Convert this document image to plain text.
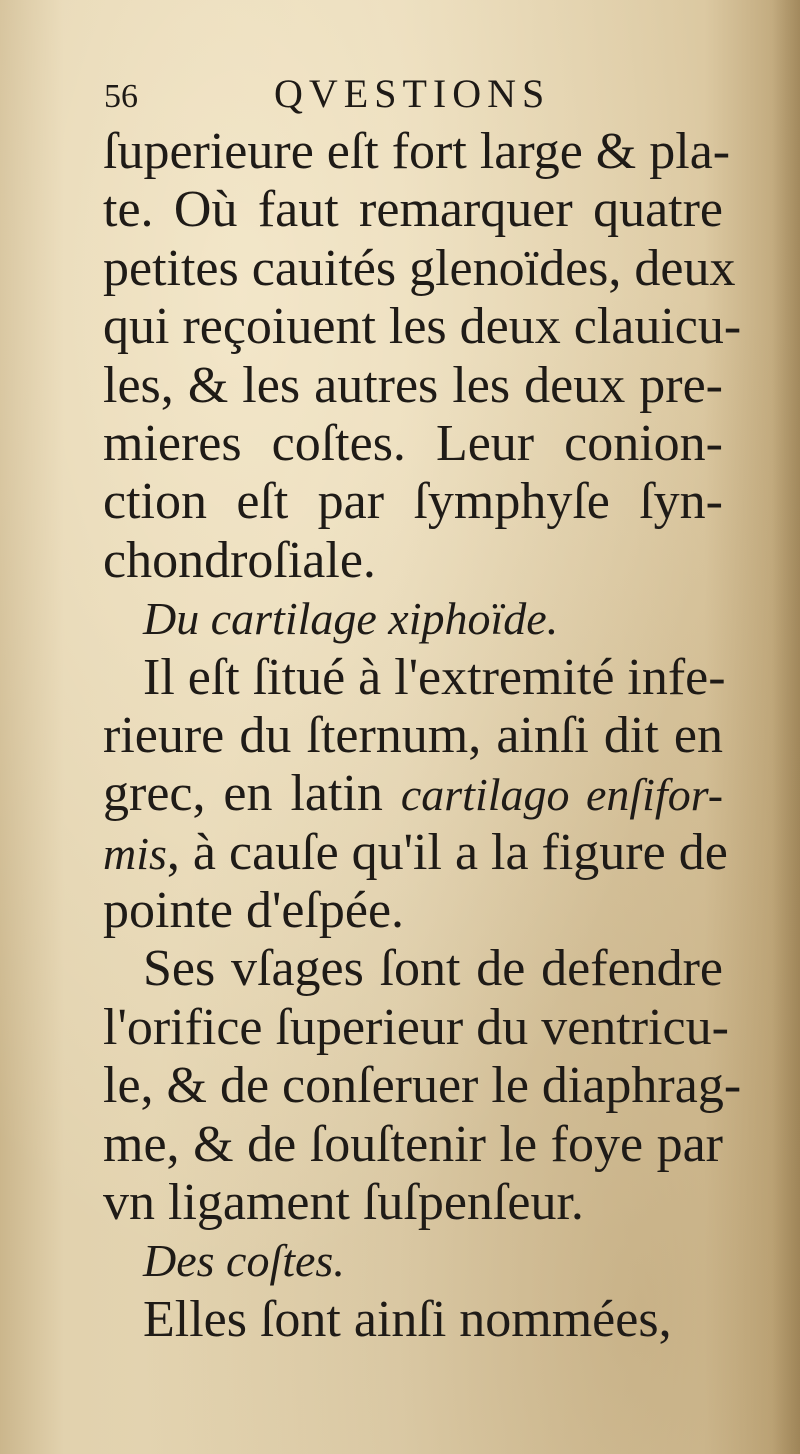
56	QVESTIONS
ſuperieure eſt fort large & pla-
te. Où faut remarquer quatre
petites cauités glenoïdes, deux
qui reçoiuent les deux clauicu-
les, & les autres les deux pre-
mieres coſtes. Leur conion-
ction eſt par ſymphyſe ſyn-
chondroſiale.
Du cartilage xiphoïde.
Il eſt ſitué à l'extremité infe-
rieure du ſternum, ainſi dit en
grec, en latin cartilago enſifor-
mis, à cauſe qu'il a la figure de
pointe d'eſpée.
Ses vſages ſont de defendre
l'orifice ſuperieur du ventricu-
le, & de conſeruer le diaphrag-
me, & de ſouſtenir le foye par
vn ligament ſuſpenſeur.
Des coſtes.
Elles ſont ainſi nommées,
